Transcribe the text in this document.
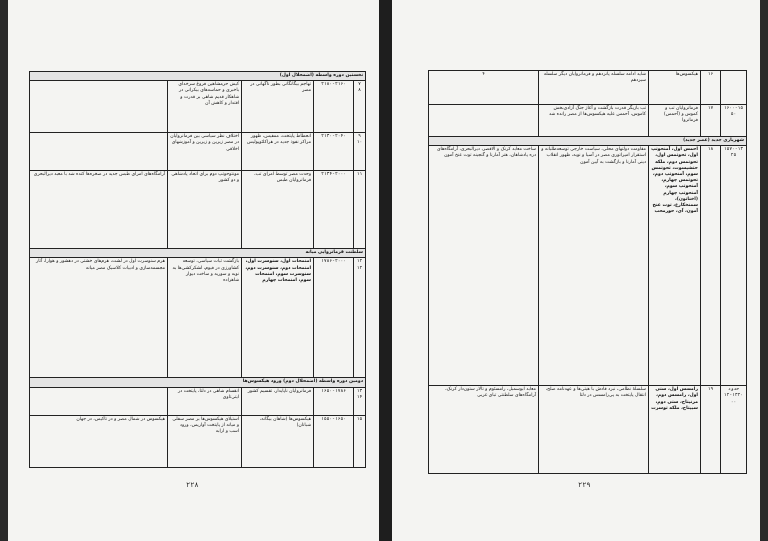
نخستین دوره واسطه (اضمحلال اول)				
۷ ۸	۲۱۸۰-۲۱۶۰	تهاجم بیگانگانی بطور ناگهانی در مصر	کیش حرمشاهین فروغ سرخدای باخبری و حماسه‌های بیکرانی در شاهکار قدیم شاهی بر قدرت و اقتدار و کاهش آن	
۹ ۱۰	۲۱۳۰-۲۰۴۰	انحطاط پایتخت، ممفیس، ظهور مراکز نفوذ جدید در هراکلئوپولیس	اختلاف نظر سیاسی بین فرمانروایان در مصر زبرین و زیرین و آموزشهای اخلاقی	
۱۱	۲۱۳۴-۲۰۰۰	وحدت مصر توسط امرای تب، فرمانروایان طبس	مونتوحوتپ دوم برای اتحاد پادشاهی و دو کشور	آرامگاه‌های امرای طبس جدید در صخره‌ها کنده شد با معبد دیرالبحری
سلطنت فرمانروایی میانه				
۱۲ ۱۲	۱۷۸۶-۲۰۰۰	امنمحات اول، سنوسرت اول، امنمحات دوم، سنوسرت دوم، سنوسرت سوم، امنمحات سوم، امنمحات چهارم	بازگشت ثبات سیاسی، توسعه کشاورزی در فیوم، لشکرکشی‌ها به نوبه و سوریه و ساخت دیوار شاهزاده	هرم سنوسرت اول در لشت، هرم‌های خشتی در دهشور و هوارا، آثار مجسمه‌سازی و ادبیات کلاسیک مصر میانه
دومین دوره واسطه (اضمحلال دوم) ورود هیکسوس‌ها				
۱۳ ۱۴	۱۶۵۰-۱۷۸۶	فرمانروایان ناپایدار، تقسیم کشور	انقسام شاهی در دلتا، پایتخت در ایتی‌تاوی	
۱۵	۱۵۵۰-۱۶۵۰	هیکسوس‌ها (شاهان بیگانه، شبانان)	استیلای هیکسوس‌ها بر مصر سفلی و میانه از پایتخت آواریس، ورود اسب و ارابه	هیکسوس در شمال مصر و در تاکیس، در جهان
۲۲۸
	۱۶	هیکسوس‌ها	شاید ادامه سلسله پانزدهم و فرمانروایان دیگر سلسله سیزدهم	۴
۱۶۰۰-۱۵۵۰	۱۷	فرمانروایان تب و کموس و (آحمس) فرمانروا	تب بازیگر قدرت بازگشت و آغاز جنگ آزادی‌بخش کاموس، آحمس علیه هیکسوس‌ها از مصر رانده شد	
شهریاری جدید (عصر جدید)				
۱۵۷۰-۱۳۲۵	۱۸	احمس اول، آمنحوتپ اول، تحوتمس اول، تحوتمس دوم، ملکه حتشپسوت، تحوتمس سوم، آمنحوتپ دوم، تحوتمس چهارم، آمنحوتپ سوم، آمنحوتپ چهارم (اخناتون)، سمنخکارع، توت عنخ آمون، آی، حورمحب	مقاومت دولتهای محلی، سیاست خارجی توسعه‌طلبانه و استقرار امپراتوری مصر در آسیا و نوبه، ظهور انقلاب دینی آمارنا و بازگشت به آیین آمون	ساخت معابد کرنک و الاقصر، دیرالبحری، آرامگاه‌های دره پادشاهان، هنر آمارنا و گنجینه توت عنخ آمون
حدود ۱۳۲۰-۱۲۰۰	۱۹	رامسس اول، ستی اول، رامسس دوم، مرنپتاح، ستی دوم، سیپتاح، ملکه توسرت	سلسلهٔ نظامی، نبرد قادش با هیتی‌ها و عهدنامه صلح، انتقال پایتخت به پی‌رامسس در دلتا	معابد ابوسمبل، رامسئوم و تالار ستون‌دار کرنک، آرامگاه‌های سلطنتی تبای غربی
۲۲۹
